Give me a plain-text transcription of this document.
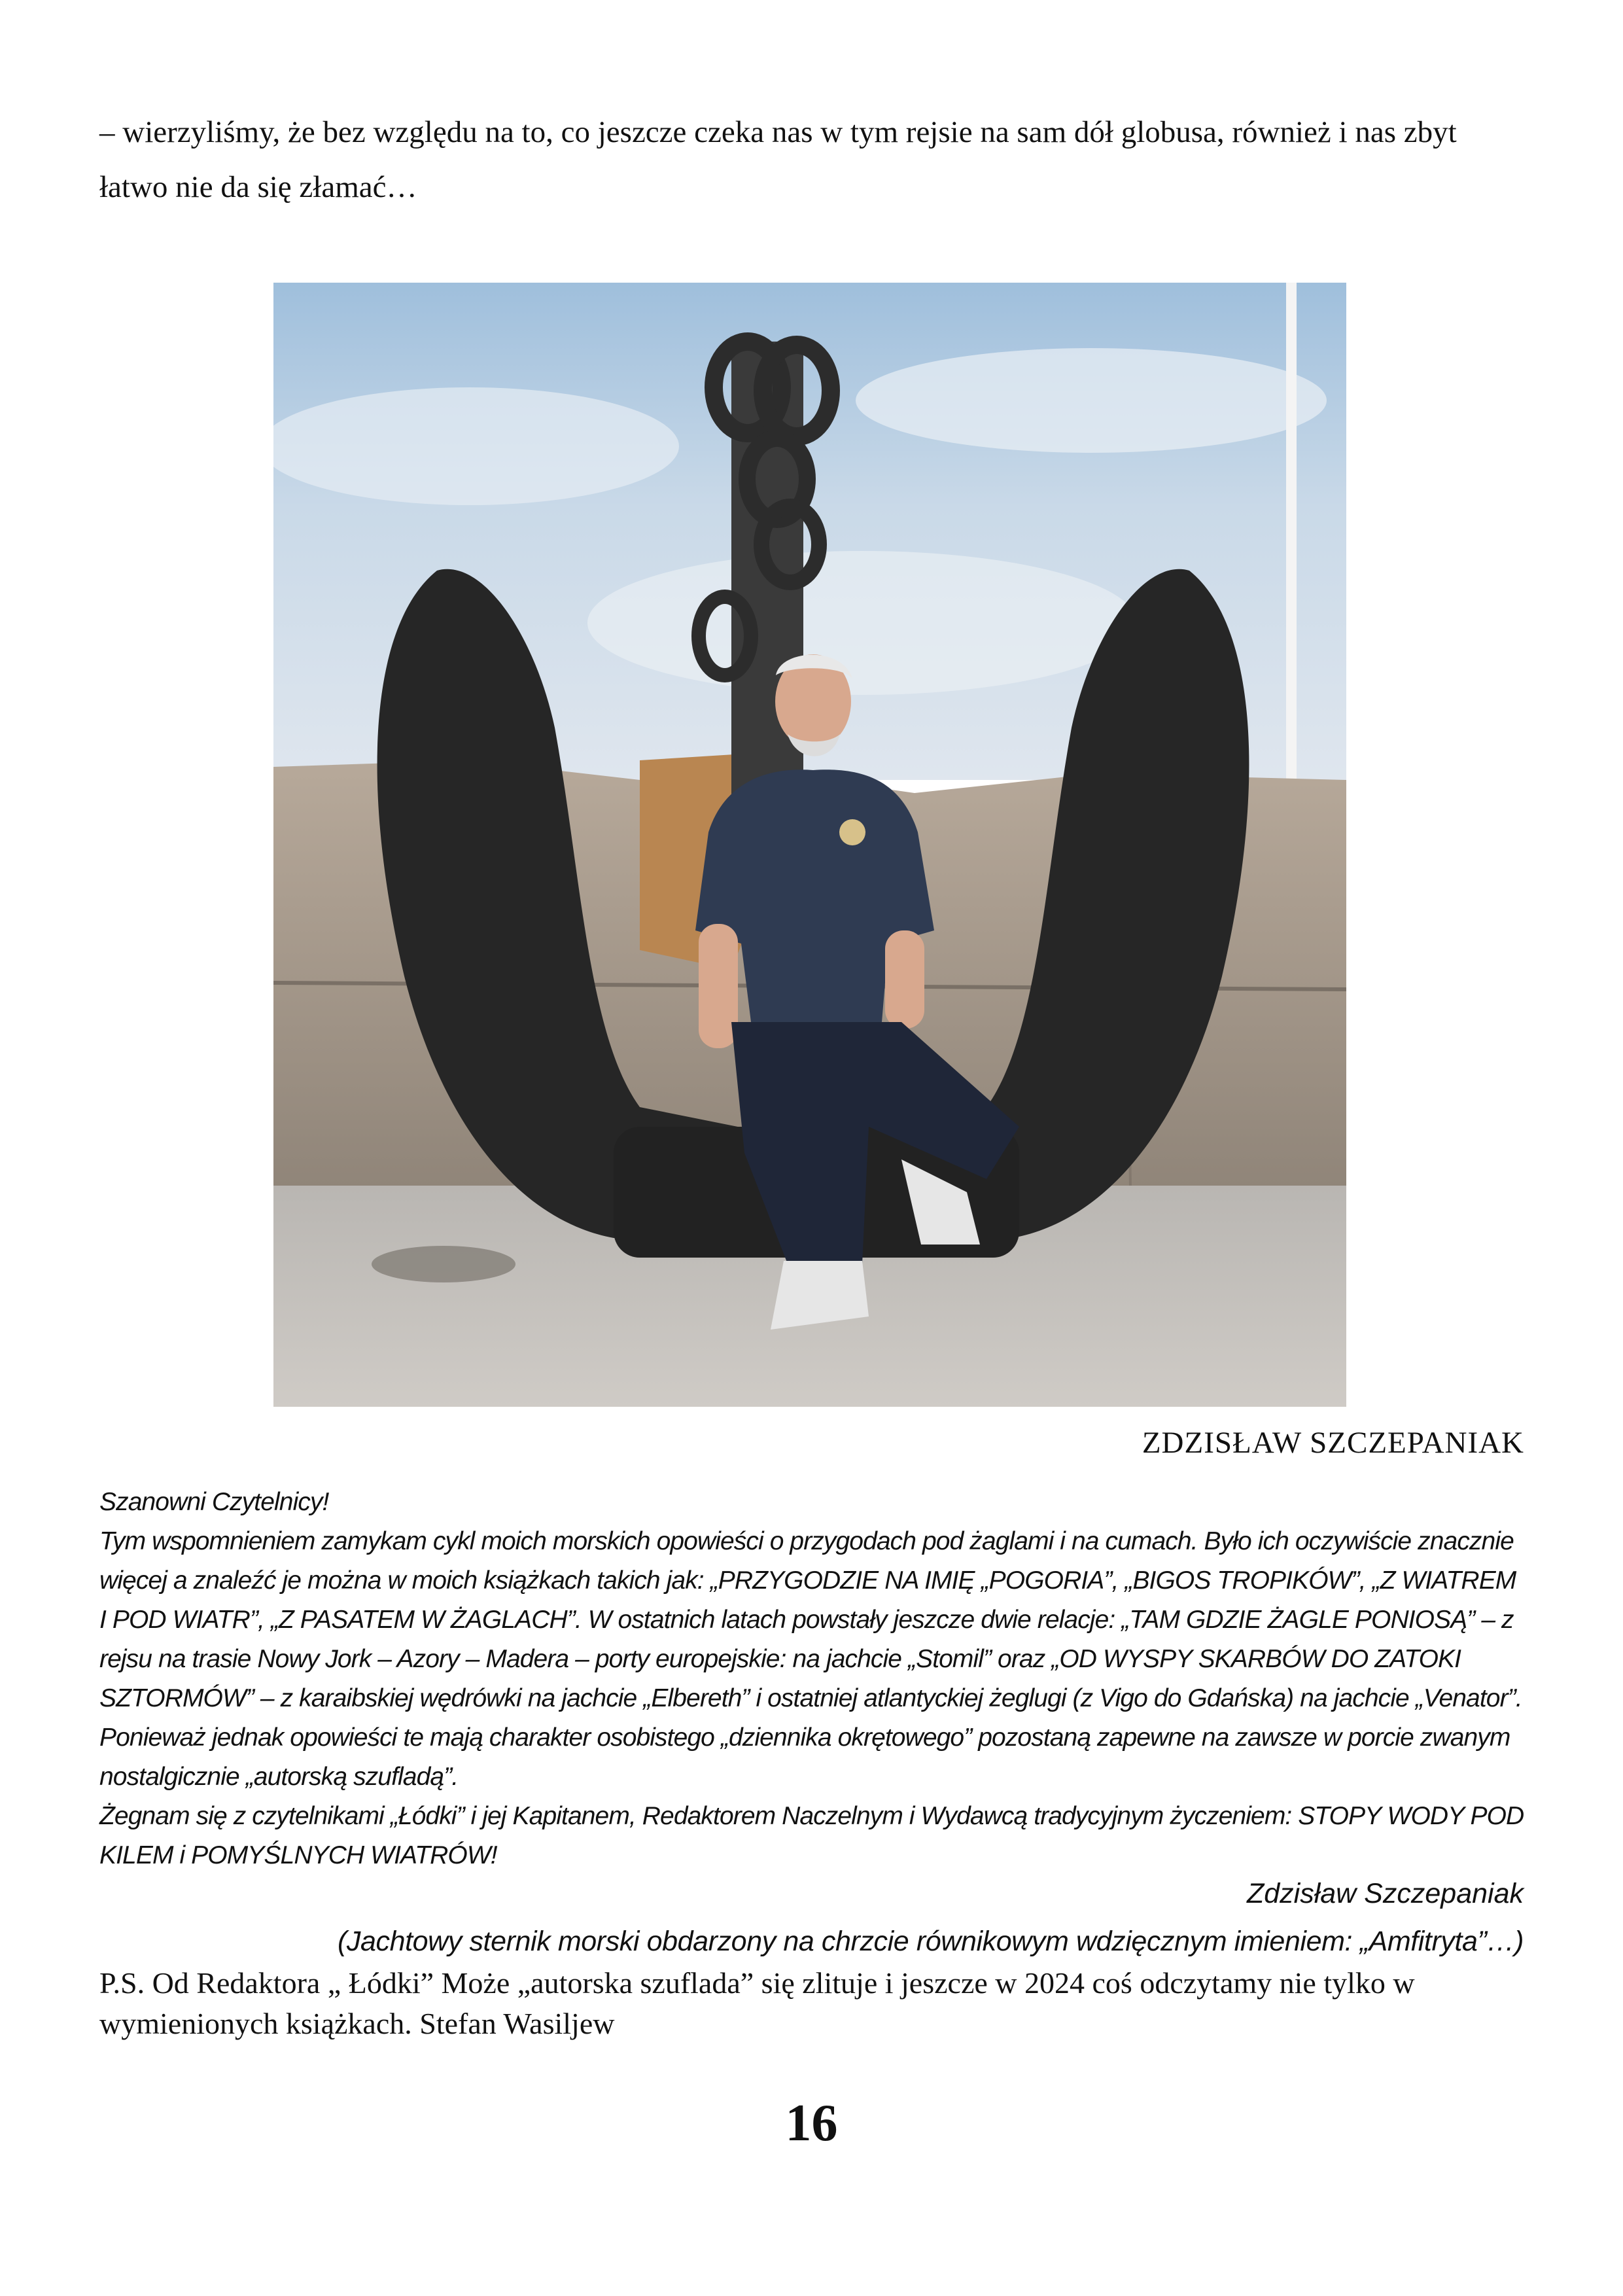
– wierzyliśmy, że bez względu na to, co jeszcze czeka nas w tym rejsie na sam dół globusa, również i nas zbyt łatwo nie da się złamać…

ZDZISŁAW SZCZEPANIAK

Szanowni Czytelnicy!

Tym wspomnieniem zamykam cykl moich morskich opowieści o przygodach pod żaglami i na cumach. Było ich oczywiście znacznie więcej a znaleźć je można w moich książkach takich jak: „PRZYGODZIE NA IMIĘ „POGORIA”, „BIGOS TROPIKÓW”, „Z WIATREM I POD WIATR”, „Z PASATEM W ŻAGLACH”. W ostatnich latach powstały jeszcze dwie relacje: „TAM GDZIE ŻAGLE PONIOSĄ” – z rejsu na trasie Nowy Jork – Azory – Madera – porty europejskie: na jachcie „Stomil” oraz „OD WYSPY SKARBÓW DO ZATOKI SZTORMÓW” – z karaibskiej wędrówki na jachcie „Elbereth” i ostatniej atlantyckiej żeglugi (z Vigo do Gdańska) na jachcie „Venator”. Ponieważ jednak opowieści te mają charakter osobistego „dziennika okrętowego” pozostaną zapewne na zawsze w porcie zwanym nostalgicznie „autorską szufladą”.

Żegnam się z czytelnikami „Łódki” i jej Kapitanem, Redaktorem Naczelnym i Wydawcą tradycyjnym życzeniem: STOPY WODY POD KILEM i POMYŚLNYCH WIATRÓW!

Zdzisław Szczepaniak

(Jachtowy sternik morski obdarzony na chrzcie równikowym wdzięcznym imieniem: „Amfitryta”…)

P.S. Od Redaktora „ Łódki” Może „autorska szuflada” się zlituje i jeszcze w 2024 coś odczytamy nie tylko w wymienionych książkach. Stefan Wasiljew

16
